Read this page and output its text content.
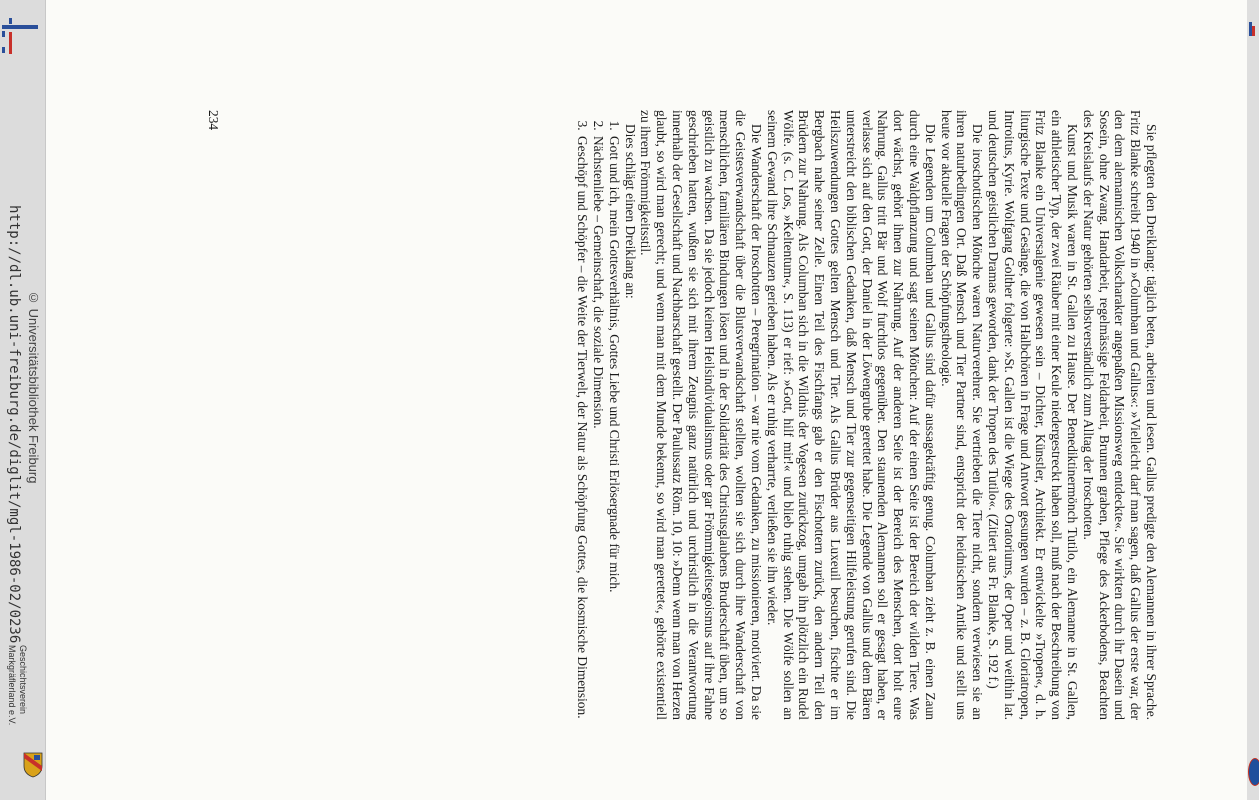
http://dl.ub.uni-freiburg.de/diglit/mgl-1986-02/0236 © Universitätsbibliothek Freiburg
Geschichtsverein
Markgräflerland e.V.	Sie pflegten den Dreiklang: täglich beten, arbeiten und lesen. Gallus predigte den Alemannen in ihrer Sprache. Fritz Blanke schreibt 1940 in »Columban und Gallus«: »Vielleicht darf man sagen, daß Gallus der erste war, der den dem alemannischen Volkscharakter angepaßten Missionsweg entdeckte«. Sie wirkten durch ihr Dasein und Sosein, ohne Zwang. Handarbeit, regelmässige Feldarbeit, Brunnen graben, Pflege des Ackerbodens, Beachten des Kreislaufs der Natur gehörten selbstverständlich zum Alltag der Iroschotten.

Kunst und Musik waren in St. Gallen zu Hause. Der Benediktinermönch Tutilo, ein Alemanne in St. Gallen, ein athletischer Typ, der zwei Räuber mit einer Keule niedergestreckt haben soll, muß nach der Beschreibung von Fritz Blanke ein Universalgenie gewesen sein – Dichter, Künstler, Architekt. Er entwickelte »Tropen«, d. h. liturgische Texte und Gesänge, die von Halbchören in Frage und Antwort gesungen wurden – z. B. Gloriatropen, Introitus, Kyrie. Wolfgang Golther folgerte: »St. Gallen ist die Wiege des Oratoriums, der Oper und weithin lat. und deutschen geistlichen Dramas geworden, dank der Tropen des Tutilo«. (Zitiert aus Fr. Blanke, S. 192 f.)

Die iroschottischen Mönche waren Naturverehrer. Sie vertrieben die Tiere nicht, sondern verwiesen sie an ihren naturbedingten Ort. Daß Mensch und Tier Partner sind, entspricht der heidnischen Antike und stellt uns heute vor aktuelle Fragen der Schöpfungstheologie.

Die Legenden um Columban und Gallus sind dafür aussagekräftig genug. Columban zieht z. B. einen Zaun durch eine Waldpflanzung und sagt seinen Mönchen: Auf der einen Seite ist der Bereich der wilden Tiere. Was dort wächst, gehört ihnen zur Nahrung. Auf der anderen Seite ist der Bereich des Menschen, dort holt eure Nahrung. Gallus tritt Bär und Wolf furchtlos gegenüber. Den staunenden Alemannen soll er gesagt haben, er verlasse sich auf den Gott, der Daniel in der Löwengrube gerettet habe. Die Legende von Gallus und dem Bären unterstreicht den biblischen Gedanken, daß Mensch und Tier zur gegenseitigen Hilfeleistung gerufen sind. Die Heilszuwendungen Gottes gelten Mensch und Tier. Als Gallus Brüder aus Luxeuil besuchen, fischte er im Bergbach nahe seiner Zelle. Einen Teil des Fischfangs gab er den Fischottern zurück, den andern Teil den Brüdern zur Nahrung. Als Columban sich in die Wildnis der Vogesen zurückzog, umgab ihn plötzlich ein Rudel Wölfe. (s. C. Los, »Keltentum«, S. 113) er rief: »Gott, hilf mir!« und blieb ruhig stehen. Die Wölfe sollen an seinem Gewand ihre Schnauzen gerieben haben. Als er ruhig verharrte, verließen sie ihn wieder.

Die Wanderschaft der Iroschotten – Peregrination – war nie vom Gedanken, zu missionieren, motiviert. Da sie die Geistesverwandschaft über die Blutsverwandschaft stellten, wollten sie sich durch ihre Wanderschaft von menschlichen, familiären Bindungen lösen und in der Solidarität des Christusglaubens Bruderschaft üben, um so geistlich zu wachsen. Da sie jedoch keinen Heilsindividualismus oder gar Frömmigkeitsegoismus auf ihre Fahne geschrieben hatten, wußten sie sich mit ihrem Zeugnis ganz natürlich und urchristlich in die Verantwortung innerhalb der Gesellschaft und Nachbarschaft gestellt. Der Paulussatz Röm. 10, 10: »Denn wenn man von Herzen glaubt, so wird man gerecht; und wenn man mit dem Munde bekennt, so wird man gerettet«, gehörte existentiell zu ihrem Frömmigkeitsstil.

Dies schlägt einen Dreiklang an:

1. Gott und ich, mein Gottesverhältnis, Gottes Liebe und Christi Erlösergnade für mich.
2. Nächstenliebe – Gemeinschaft, die soziale Dimension.
3. Geschöpf und Schöpfer – die Weite der Tierwelt, der Natur als Schöpfung Gottes, die kosmische Dimension.
234
